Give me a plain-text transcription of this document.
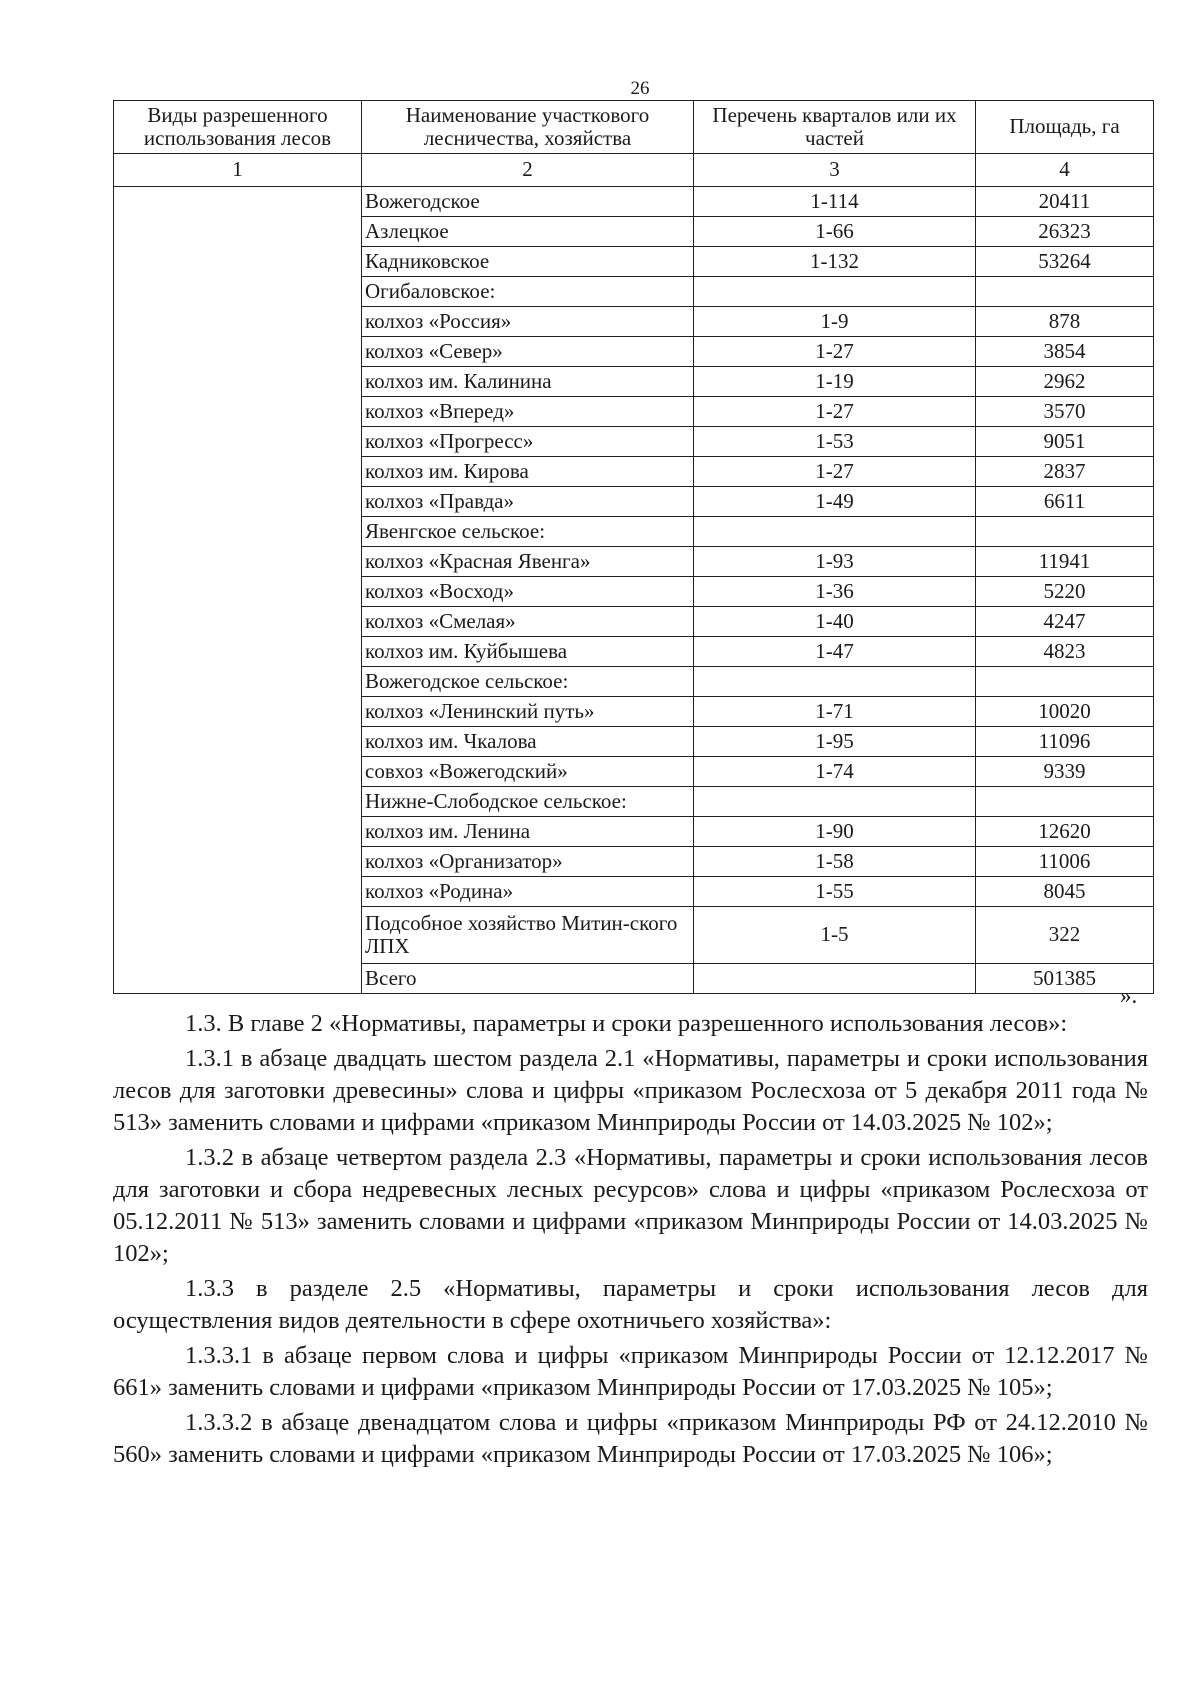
26
Виды разрешенного использования лесов	Наименование участкового лесничества, хозяйства	Перечень кварталов или их частей	Площадь, га
1	2	3	4
	Вожегодское	1-114	20411
	Азлецкое	1-66	26323
	Кадниковское	1-132	53264
	Огибаловское:		
	колхоз «Россия»	1-9	878
	колхоз «Север»	1-27	3854
	колхоз им. Калинина	1-19	2962
	колхоз «Вперед»	1-27	3570
	колхоз «Прогресс»	1-53	9051
	колхоз им. Кирова	1-27	2837
	колхоз «Правда»	1-49	6611
	Явенгское сельское:		
	колхоз «Красная Явенга»	1-93	11941
	колхоз «Восход»	1-36	5220
	колхоз «Смелая»	1-40	4247
	колхоз им. Куйбышева	1-47	4823
	Вожегодское сельское:		
	колхоз «Ленинский путь»	1-71	10020
	колхоз им. Чкалова	1-95	11096
	совхоз «Вожегодский»	1-74	9339
	Нижне-Слободское сельское:		
	колхоз им. Ленина	1-90	12620
	колхоз «Организатор»	1-58	11006
	колхоз «Родина»	1-55	8045
	Подсобное хозяйство Митин-ского ЛПХ	1-5	322
	Всего		501385
».

1.3. В главе 2 «Нормативы, параметры и сроки разрешенного использования лесов»:

1.3.1 в абзаце двадцать шестом раздела 2.1 «Нормативы, параметры и сроки использования лесов для заготовки древесины» слова и цифры «приказом Рослесхоза от 5 декабря 2011 года № 513» заменить словами и цифрами «приказом Минприроды России от 14.03.2025 № 102»;

1.3.2 в абзаце четвертом раздела 2.3 «Нормативы, параметры и сроки использования лесов для заготовки и сбора недревесных лесных ресурсов» слова и цифры «приказом Рослесхоза от 05.12.2011 № 513» заменить словами и цифрами «приказом Минприроды России от 14.03.2025 № 102»;

1.3.3 в разделе 2.5 «Нормативы, параметры и сроки использования лесов для осуществления видов деятельности в сфере охотничьего хозяйства»:

1.3.3.1 в абзаце первом слова и цифры «приказом Минприроды России от 12.12.2017 № 661» заменить словами и цифрами «приказом Минприроды России от 17.03.2025 № 105»;

1.3.3.2 в абзаце двенадцатом слова и цифры «приказом Минприроды РФ от 24.12.2010 № 560» заменить словами и цифрами «приказом Минприроды России от 17.03.2025 № 106»;
